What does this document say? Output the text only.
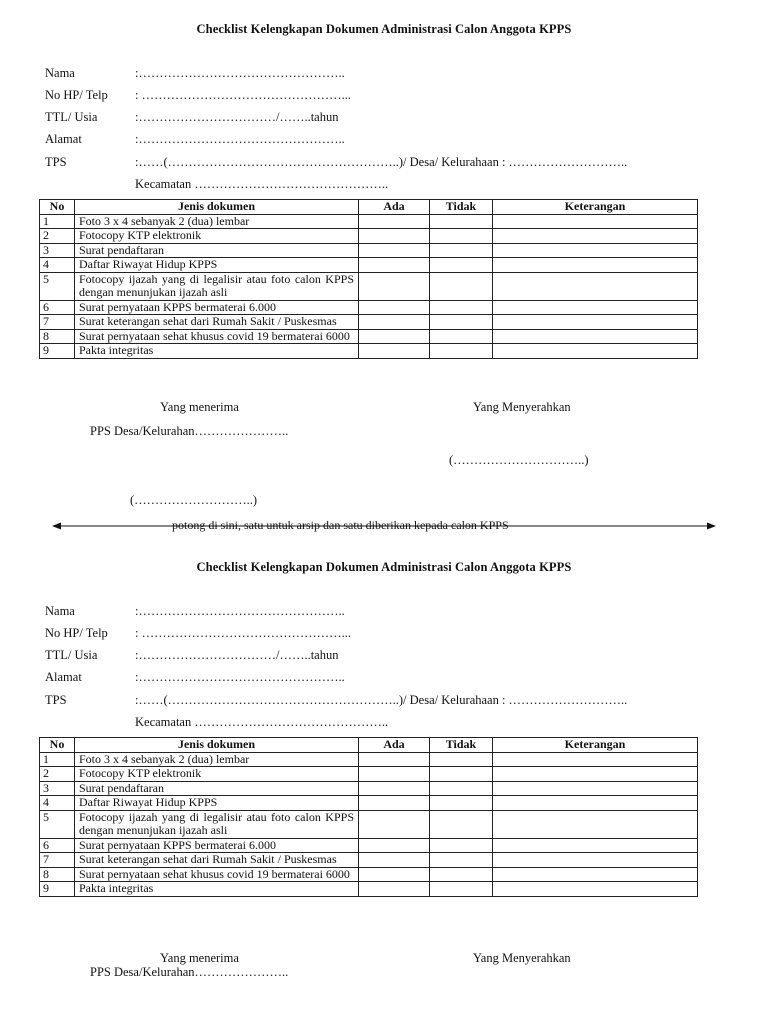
Checklist Kelengkapan Dokumen Administrasi Calon Anggota KPPS
Nama	:…………………………………………..
No HP/ Telp : …………………………………………...
TTL/ Usia	:……………………………/……..tahun
Alamat	:…………………………………………..
TPS	:……(………………………………………………..)/ Desa/ Kelurahaan : ………………………..
Kecamatan ………………………………………..
No	Jenis dokumen	Ada	Tidak	Keterangan
1	Foto 3 x 4 sebanyak 2 (dua) lembar			
2	Fotocopy KTP elektronik			
3	Surat pendaftaran			
4	Daftar Riwayat Hidup KPPS			
5	Fotocopy ijazah yang di legalisir atau foto calon KPPS dengan menunjukan ijazah asli			
6	Surat pernyataan KPPS bermaterai 6.000			
7	Surat keterangan sehat dari Rumah Sakit / Puskesmas			
8	Surat pernyataan sehat khusus covid 19 bermaterai 6000			
9	Pakta integritas			
Yang menerima	Yang Menyerahkan
PPS Desa/Kelurahan…………………..
(…………………………..)
(………………………..)
potong di sini, satu untuk arsip dan satu diberikan kepada calon KPPS
Checklist Kelengkapan Dokumen Administrasi Calon Anggota KPPS
Nama	:…………………………………………..
No HP/ Telp : …………………………………………...
TTL/ Usia	:……………………………/……..tahun
Alamat	:…………………………………………..
TPS	:……(………………………………………………..)/ Desa/ Kelurahaan : ………………………..
Kecamatan ………………………………………..
No	Jenis dokumen	Ada	Tidak	Keterangan
1	Foto 3 x 4 sebanyak 2 (dua) lembar			
2	Fotocopy KTP elektronik			
3	Surat pendaftaran			
4	Daftar Riwayat Hidup KPPS			
5	Fotocopy ijazah yang di legalisir atau foto calon KPPS dengan menunjukan ijazah asli			
6	Surat pernyataan KPPS bermaterai 6.000			
7	Surat keterangan sehat dari Rumah Sakit / Puskesmas			
8	Surat pernyataan sehat khusus covid 19 bermaterai 6000			
9	Pakta integritas			
Yang menerima	Yang Menyerahkan
PPS Desa/Kelurahan…………………..
